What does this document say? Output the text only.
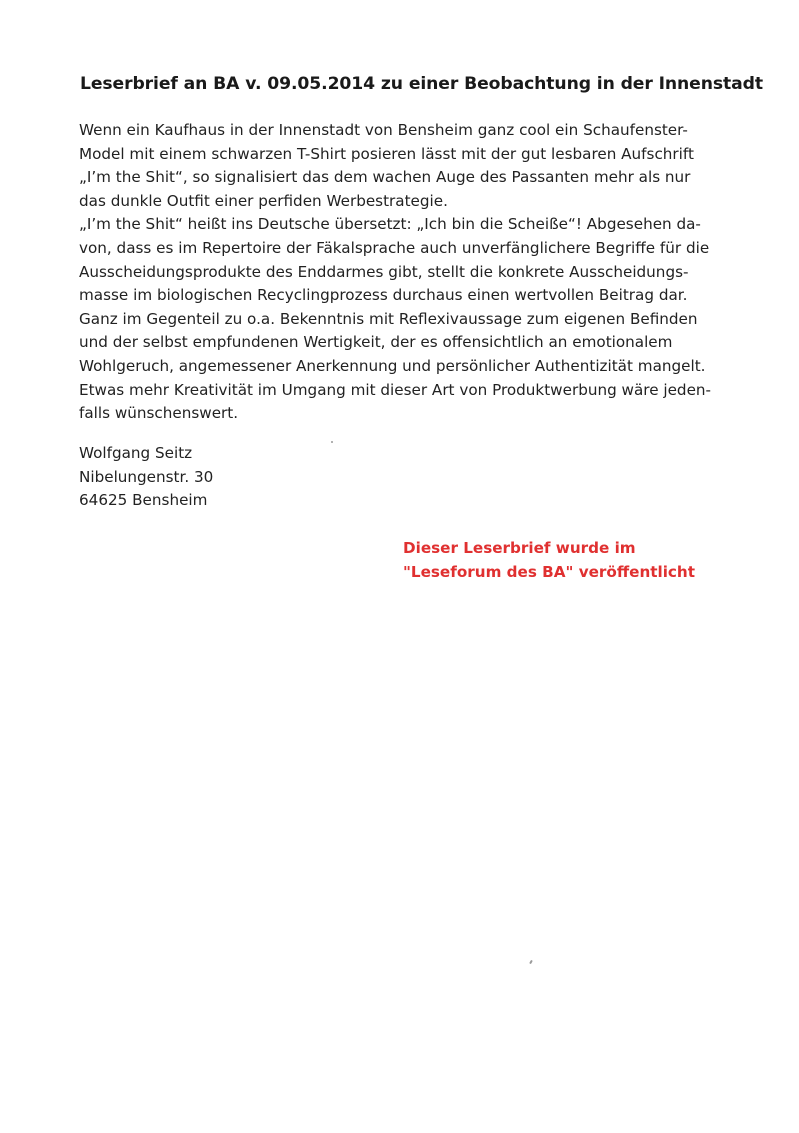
Leserbrief an BA v. 09.05.2014 zu einer Beobachtung in der Innenstadt
Wenn ein Kaufhaus in der Innenstadt von Bensheim ganz cool ein Schaufenster-
Model mit einem schwarzen T-Shirt posieren lässt mit der gut lesbaren Aufschrift
„I’m the Shit“, so signalisiert das dem wachen Auge des Passanten mehr als nur
das dunkle Outfit einer perfiden Werbestrategie.
„I’m the Shit“ heißt ins Deutsche übersetzt: „Ich bin die Scheiße“! Abgesehen da-
von, dass es im Repertoire der Fäkalsprache auch unverfänglichere Begriffe für die
Ausscheidungsprodukte des Enddarmes gibt, stellt die konkrete Ausscheidungs-
masse im biologischen Recyclingprozess durchaus einen wertvollen Beitrag dar.
Ganz im Gegenteil zu o.a. Bekenntnis mit Reflexivaussage zum eigenen Befinden
und der selbst empfundenen Wertigkeit, der es offensichtlich an emotionalem
Wohlgeruch, angemessener Anerkennung und persönlicher Authentizität mangelt.
Etwas mehr Kreativität im Umgang mit dieser Art von Produktwerbung wäre jeden-
falls wünschenswert.
Wolfgang Seitz
Nibelungenstr. 30
64625 Bensheim
Dieser Leserbrief wurde im
"Leseforum des BA" veröffentlicht
